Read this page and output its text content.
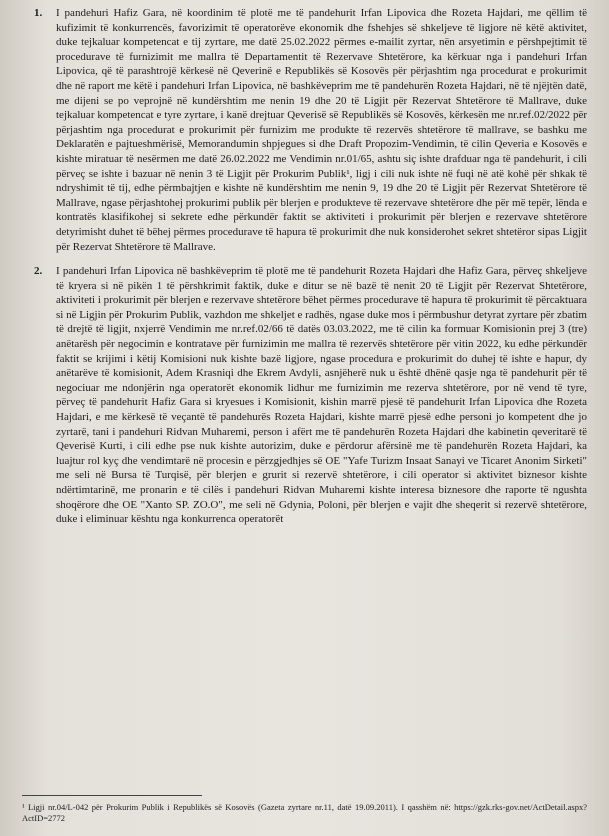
1. I pandehuri Hafiz Gara, në koordinim të plotë me të pandehurit Irfan Lipovica dhe Rozeta Hajdari, me qëllim të kufizimit të konkurrencës, favorizimit të operatorëve ekonomik dhe fshehjes së shkeljeve të ligjore në këtë aktivitet, duke tejkaluar kompetencat e tij zyrtare, me datë 25.02.2022 përmes e-mailit zyrtar, nën arsyetimin e përshpejtimit të procedurave të furnizimit me mallra të Departamentit të Rezervave Shtetërore, ka kërkuar nga i pandehuri Irfan Lipovica, që të parashtrojë kërkesë në Qeverinë e Republikës së Kosovës për përjashtim nga procedurat e prokurimit dhe në raport me këtë i pandehuri Irfan Lipovica, në bashkëveprim me të pandehurën Rozeta Hajdari, në të njëjtën datë, me dijeni se po veprojnë në kundërshtim me nenin 19 dhe 20 të Ligjit për Rezervat Shtetërore të Mallrave, duke tejkaluar kompetencat e tyre zyrtare, i kanë drejtuar Qeverisë së Republikës së Kosovës, kërkesën me nr.ref.02/2022 për përjashtim nga procedurat e prokurimit për furnizim me produkte të rezervës shtetërore të mallrave, se bashku me Deklaratën e pajtueshmërisë, Memorandumin shpjegues si dhe Draft Propozim-Vendimin, të cilin Qeveria e Kosovës e kishte miratuar të nesërmen me datë 26.02.2022 me Vendimin nr.01/65, ashtu siç ishte drafduar nga të pandehurit, i cili përveç se ishte i bazuar në nenin 3 të Ligjit për Prokurim Publik¹, ligj i cili nuk ishte në fuqi në atë kohë për shkak të ndryshimit të tij, edhe përmbajtjen e kishte në kundërshtim me nenin 9, 19 dhe 20 të Ligjit për Rezervat Shtetërore të Mallrave, ngase përjashtohej prokurimi publik për blerjen e produkteve të rezervave shtetërore dhe për më tepër, lënda e kontratës klasifikohej si sekrete edhe përkundër faktit se aktiviteti i prokurimit për blerjen e rezervave shtetërore detyrimisht duhet të bëhej përmes procedurave të hapura të prokurimit dhe nuk konsiderohet sekret shtetëror sipas Ligjit për Rezervat Shtetërore të Mallrave.

2. I pandehuri Irfan Lipovica në bashkëveprim të plotë me të pandehurit Rozeta Hajdari dhe Hafiz Gara, përveç shkeljeve të kryera si në pikën 1 të përshkrimit faktik, duke e ditur se në bazë të nenit 20 të Ligjit për Rezervat Shtetërore, aktiviteti i prokurimit për blerjen e rezervave shtetërore bëhet përmes procedurave të hapura të prokurimit të përcaktuara si në Ligjin për Prokurim Publik, vazhdon me shkeljet e radhës, ngase duke mos i përmbushur detyrat zyrtare për zbatim të drejtë të ligjit, nxjerrë Vendimin me nr.ref.02/66 të datës 03.03.2022, me të cilin ka formuar Komisionin prej 3 (tre) anëtarësh për negocimin e kontratave për furnizimin me mallra të rezervës shtetërore për vitin 2022, ku edhe përkundër faktit se krijimi i këtij Komisioni nuk kishte bazë ligjore, ngase procedura e prokurimit do duhej të ishte e hapur, dy anëtarëve të komisionit, Adem Krasniqi dhe Ekrem Avdyli, asnjëherë nuk u është dhënë qasje nga të pandehurit për të negociuar me ndonjërin nga operatorët ekonomik lidhur me furnizimin me rezerva shtetërore, por në vend të tyre, përveç të pandehurit Hafiz Gara si kryesues i Komisionit, kishin marrë pjesë të pandehurit Irfan Lipovica dhe Rozeta Hajdari, e me kërkesë të veçantë të pandehurës Rozeta Hajdari, kishte marrë pjesë edhe personi jo kompetent dhe jo zyrtarë, tani i pandehuri Ridvan Muharemi, person i afërt me të pandehurën Rozeta Hajdari dhe kabinetin qeveritarë të Qeverisë Kurti, i cili edhe pse nuk kishte autorizim, duke e përdorur afërsinë me të pandehurën Rozeta Hajdari, ka luajtur rol kyç dhe vendimtarë në procesin e përzgjedhjes së OE "Yafe Turizm Insaat Sanayi ve Ticaret Anonim Sirketi" me seli në Bursa të Turqisë, për blerjen e grurit si rezervë shtetërore, i cili operator si aktivitet biznesor kishte ndërtimtarinë, me pronarin e të cilës i pandehuri Ridvan Muharemi kishte interesa biznesore dhe raporte të ngushta shoqërore dhe OE "Xanto SP. ZO.O", me seli në Gdynia, Poloni, për blerjen e vajit dhe sheqerit si rezervë shtetërore, duke i eliminuar kështu nga konkurrenca operatorët

¹ Ligji nr.04/L-042 për Prokurim Publik i Republikës së Kosovës (Gazeta zyrtare nr.11, datë 19.09.2011). I qasshëm në: https://gzk.rks-gov.net/ActDetail.aspx?ActID=2772
